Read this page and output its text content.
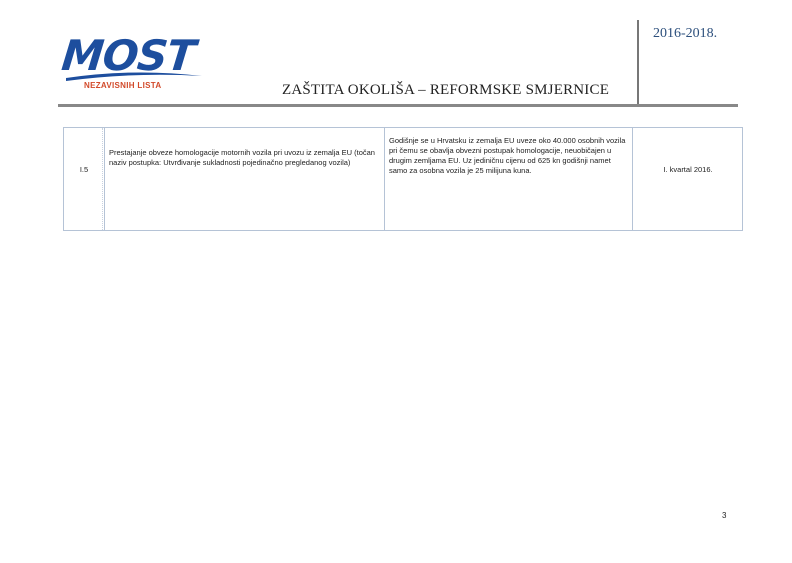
MOST
NEZAVISNIH LISTA	ZAŠTITA OKOLIŠA – REFORMSKE SMJERNICE
2016-2018.
I.5
Prestajanje obveze homologacije motornih vozila pri uvozu iz zemalja EU (točan naziv postupka: Utvrđivanje sukladnosti pojedinačno pregledanog vozila)
Godišnje se u Hrvatsku iz zemalja EU uveze oko 40.000 osobnih vozila pri čemu se obavlja obvezni postupak homologacije, neuobičajen u drugim zemljama EU. Uz jediničnu cijenu od 625 kn godišnji namet samo za osobna vozila je 25 milijuna kuna.	I. kvartal 2016.
3
